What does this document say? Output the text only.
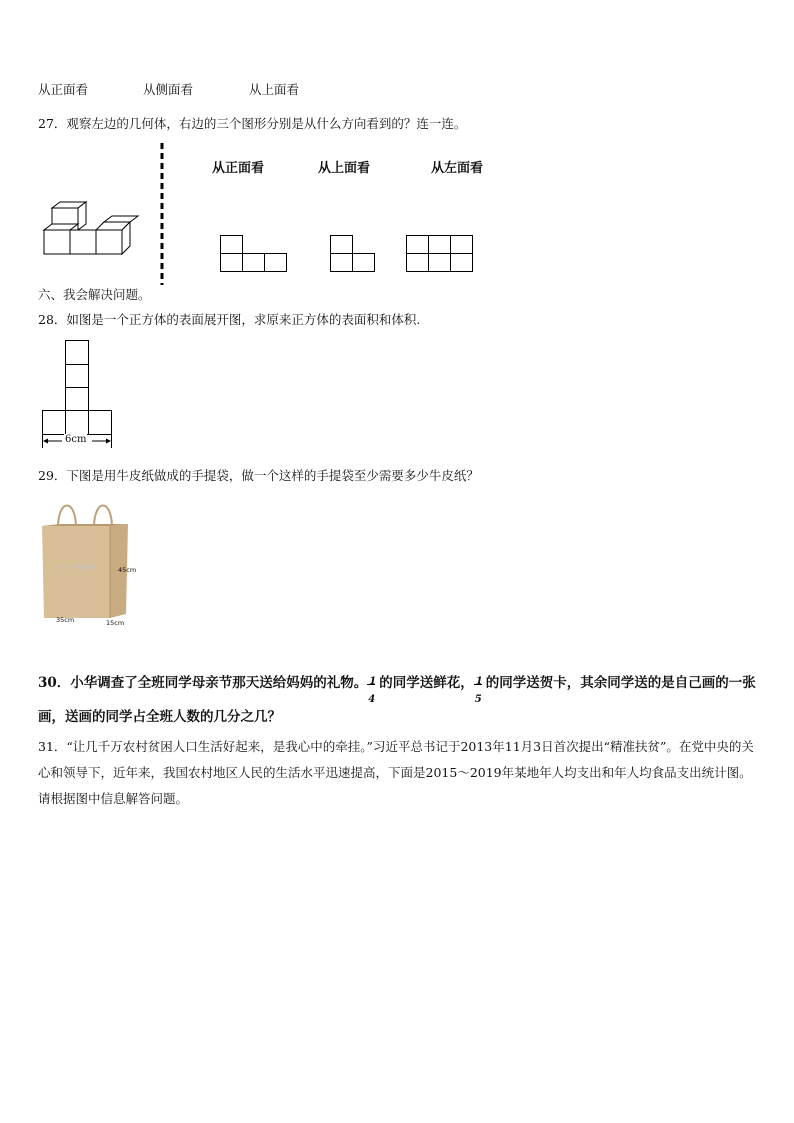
从正面看	从侧面看	从上面看
27．观察左边的几何体，右边的三个图形分别是从什么方向看到的？连一连。
从正面看	从上面看	从左面看
六、我会解决问题。
28．如图是一个正方体的表面展开图，求原来正方体的表面积和体积.
6cm
29．下图是用牛皮纸做成的手提袋，做一个这样的手提袋至少需要多少牛皮纸？
Yuan Printing	45cm
35cm	15cm
30．小华调查了全班同学母亲节那天送给妈妈的礼物。 1
4
的同学送鲜花， 1
5
的同学送贺卡，其余同学送的是自己画的一张画，送画的同学占全班人数的几分之几？
31．“让几千万农村贫困人口生活好起来，是我心中的牵挂。”习近平总书记于2013年11月3日首次提出“精准扶贫”。在党中央的关心和领导下，近年来，我国农村地区人民的生活水平迅速提高，下面是2015～2019年某地年人均支出和年人均食品支出统计图。请根据图中信息解答问题。
